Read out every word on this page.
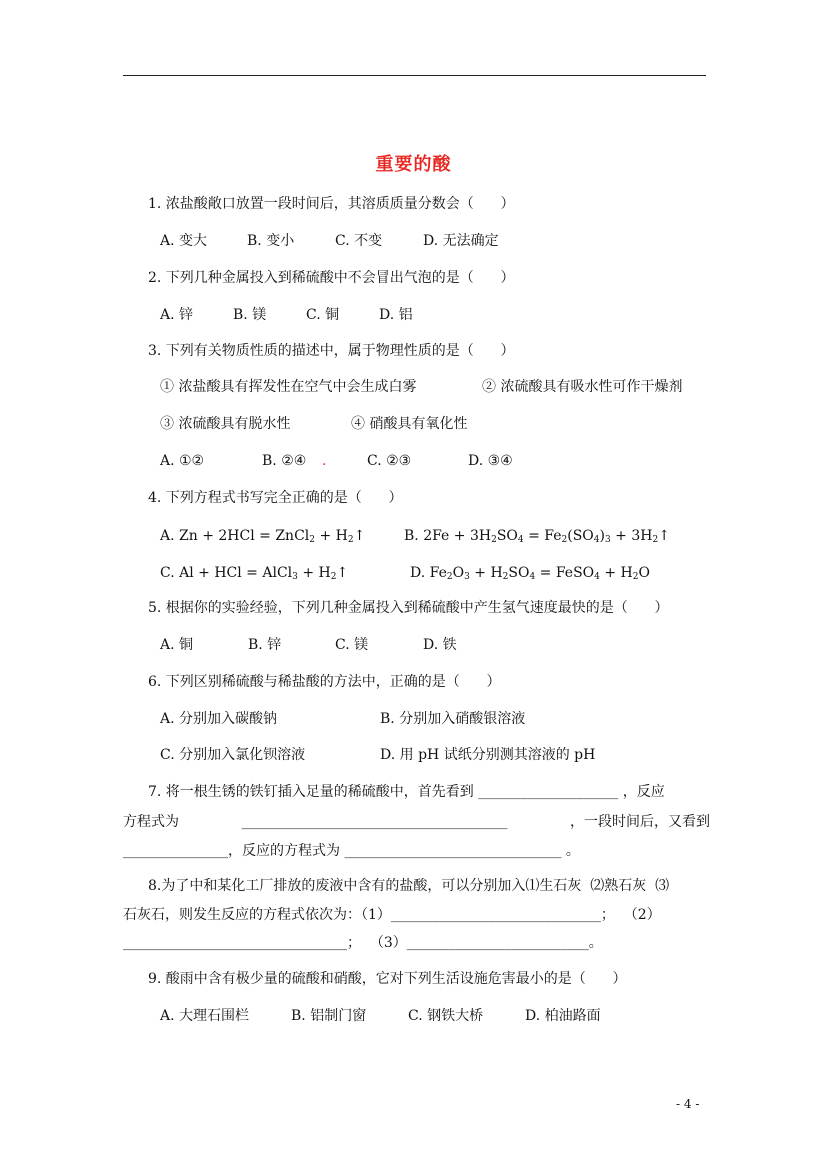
重要的酸
1. 浓盐酸敞口放置一段时间后，其溶质质量分数会（      ）
A. 变大	B. 变小	C. 不变	D. 无法确定
2. 下列几种金属投入到稀硫酸中不会冒出气泡的是（      ）
A. 锌	B. 镁	C. 铜	D. 铝
3. 下列有关物质性质的描述中，属于物理性质的是（      ）
① 浓盐酸具有挥发性在空气中会生成白雾	② 浓硫酸具有吸水性可作干燥剂
③ 浓硫酸具有脱水性	④ 硝酸具有氧化性
A. ①②	B. ②④ .	C. ②③	D. ③④
4. 下列方程式书写完全正确的是（      ）
A. Zn + 2HCl = ZnCl$_2$ + $H_2↑$	B. $2Fe + 3H_2SO_4 = Fe_2(SO_4)_3$ + $3H_2↑$
C. Al + HCl = AlCl$_3$ + $H_2↑$	D. $Fe_2O_3 + H_2SO_4$ = FeSO$_4$ + $H_2O$
5. 根据你的实验经验，下列几种金属投入到稀硫酸中产生氢气速度最快的是（      ）
A. 铜	B. 锌	C. 镁	D. 铁
6. 下列区别稀硫酸与稀盐酸的方法中，正确的是（      ）
A. 分别加入碳酸钠	B. 分别加入硝酸银溶液
C. 分别加入氯化钡溶液	D. 用 pH 试纸分别测其溶液的 pH
7. 将一根生锈的铁钉插入足量的稀硫酸中，首先看到 ____________________ ，反应
方程式为	______________________________________	，一段时间后，又看到
_______________，反应的方程式为 _______________________________ 。
8.为了中和某化工厂排放的废液中含有的盐酸，可以分别加入⑴生石灰  ⑵熟石灰  ⑶
石灰石，则发生反应的方程式依次为：（1）______________________________；  （2）
________________________________；  （3）__________________________。
9. 酸雨中含有极少量的硫酸和硝酸，它对下列生活设施危害最小的是（      ）
A. 大理石围栏	B. 铝制门窗	C. 钢铁大桥	D. 柏油路面
- 4 -
